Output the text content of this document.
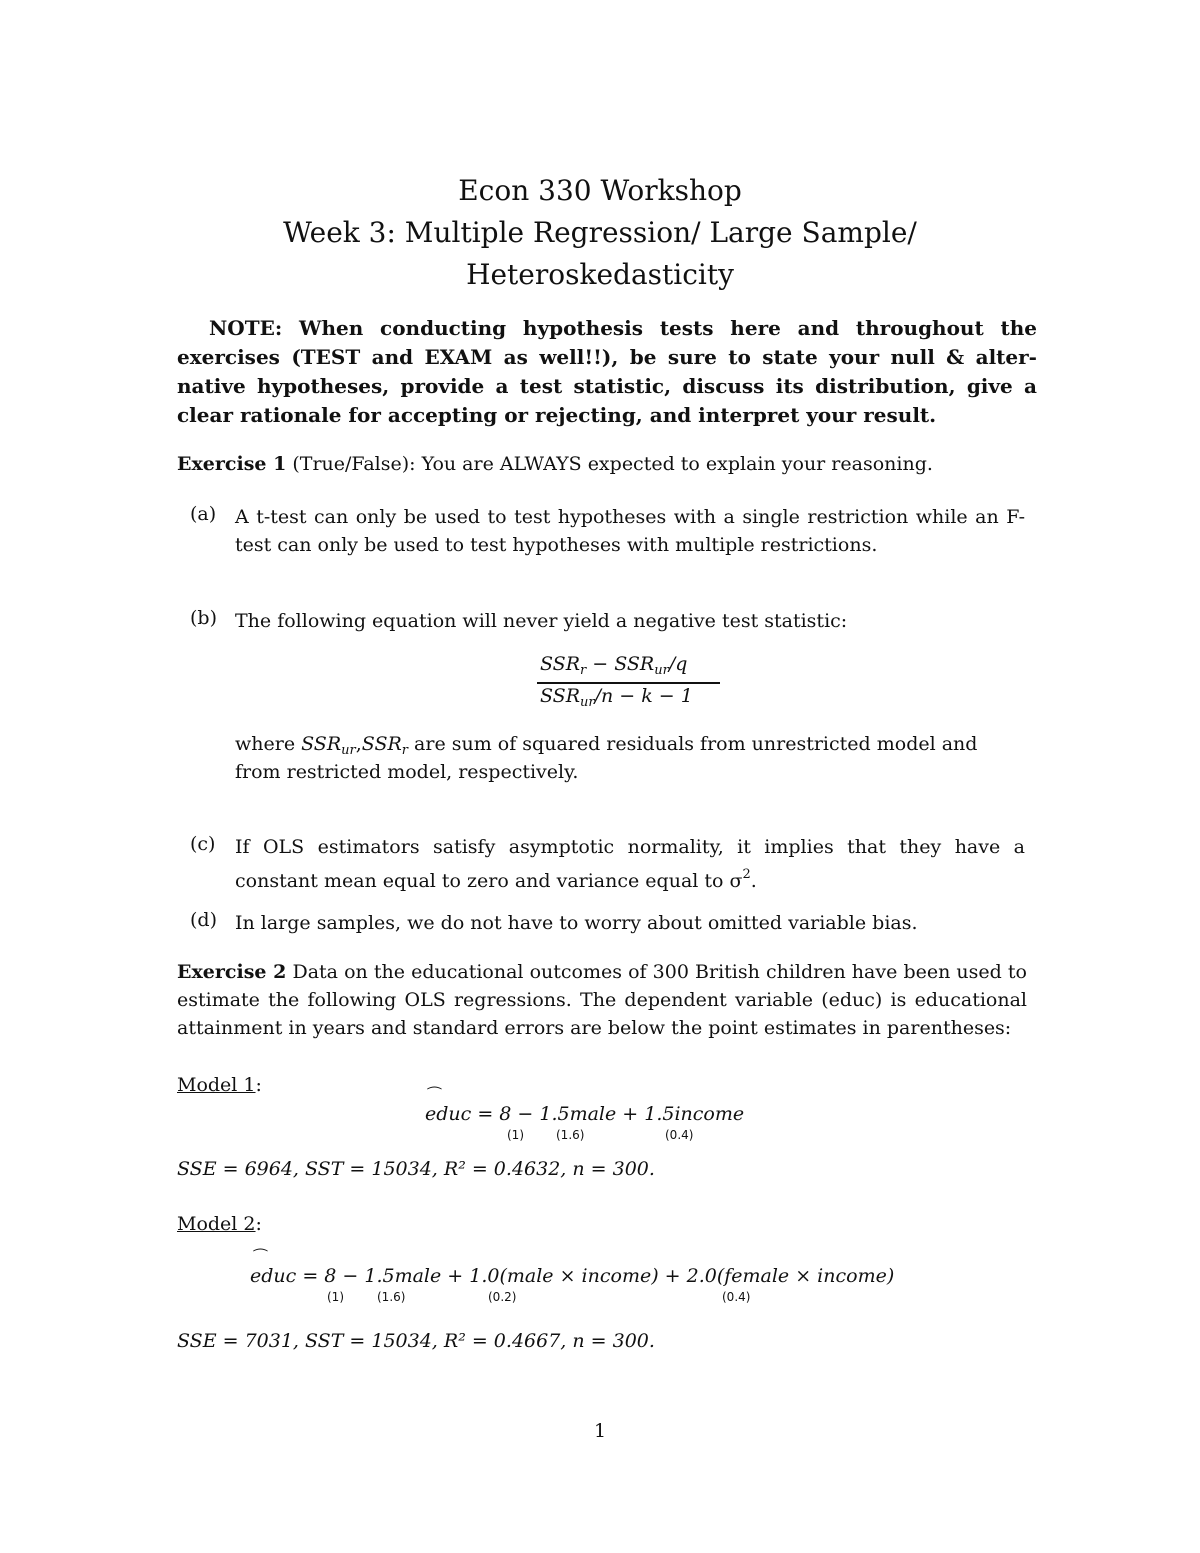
Econ 330 Workshop
Week 3: Multiple Regression/ Large Sample/
Heteroskedasticity
NOTE: When conducting hypothesis tests here and throughout the exercises (TEST and EXAM as well!!), be sure to state your null & alter-native hypotheses, provide a test statistic, discuss its distribution, give a clear rationale for accepting or rejecting, and interpret your result.
Exercise 1 (True/False): You are ALWAYS expected to explain your reasoning.
(a) A t-test can only be used to test hypotheses with a single restriction while an F-test can only be used to test hypotheses with multiple restrictions.
(b) The following equation will never yield a negative test statistic:
$SSR_r - SSR_{ur}/q$
$SSR_{ur}/n - k - 1$
where $SSR_{ur},SSR_r$ are sum of squared residuals from unrestricted model and
from restricted model, respectively.
(c) If OLS estimators satisfy asymptotic normality, it implies that they have a constant mean equal to zero and variance equal to $\sigma^2$.
(d) In large samples, we do not have to worry about omitted variable bias.
Exercise 2 Data on the educational outcomes of 300 British children have been used to estimate the following OLS regressions. The dependent variable (educ) is educational attainment in years and standard errors are below the point estimates in parentheses:
Model 1:	⁀
educ = 8 − 1.5male + 1.5income
(1)	(1.6)	(0.4)
SSE = 6964, SST = 15034, R² = 0.4632, n = 300.
Model 2:
⁀
educ = 8 − 1.5male + 1.0(male × income) + 2.0(female × income)
(1)	(1.6)	(0.2)	(0.4)
SSE = 7031, SST = 15034, R² = 0.4667, n = 300.
1
